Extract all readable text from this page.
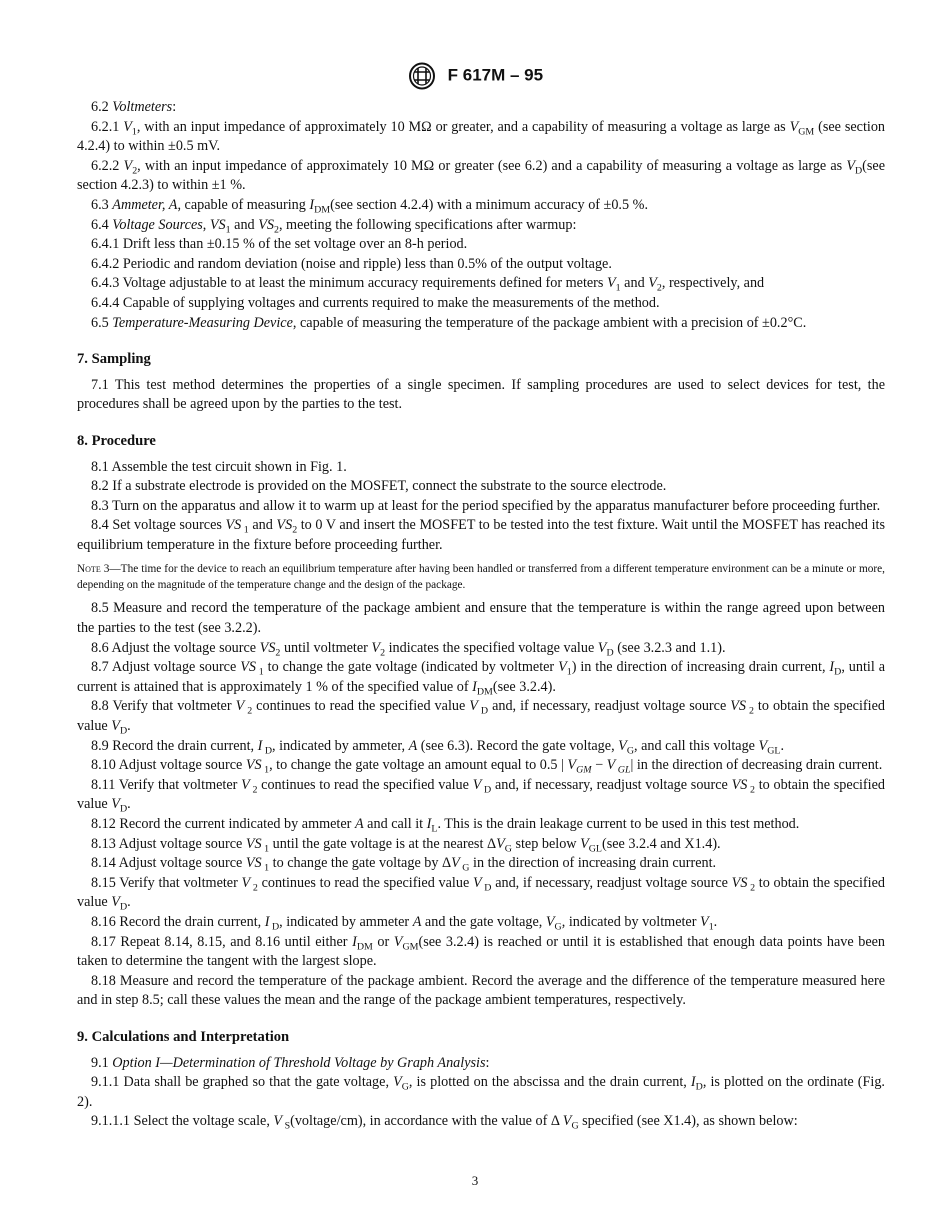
F 617M – 95

6.2 Voltmeters:

6.2.1 $V_1$, with an input impedance of approximately 10 MΩ or greater, and a capability of measuring a voltage as large as $V_{GM}$ (see section 4.2.4) to within ±0.5 mV.

6.2.2 $V_2$, with an input impedance of approximately 10 MΩ or greater (see 6.2) and a capability of measuring a voltage as large as $V_D(see$ section 4.2.3) to within ±1 %.

6.3 Ammeter, A, capable of measuring $I_{DM}(see$ section 4.2.4) with a minimum accuracy of ±0.5 %.

6.4 Voltage Sources, $VS_1$ and $VS_2$, meeting the following specifications after warmup:

6.4.1 Drift less than ±0.15 % of the set voltage over an 8-h period.

6.4.2 Periodic and random deviation (noise and ripple) less than 0.5% of the output voltage.

6.4.3 Voltage adjustable to at least the minimum accuracy requirements defined for meters $V_1$ and $V_2$, respectively, and

6.4.4 Capable of supplying voltages and currents required to make the measurements of the method.

6.5 Temperature-Measuring Device, capable of measuring the temperature of the package ambient with a precision of ±0.2°C.

7. Sampling

7.1 This test method determines the properties of a single specimen. If sampling procedures are used to select devices for test, the procedures shall be agreed upon by the parties to the test.

8. Procedure

8.1 Assemble the test circuit shown in Fig. 1.

8.2 If a substrate electrode is provided on the MOSFET, connect the substrate to the source electrode.

8.3 Turn on the apparatus and allow it to warm up at least for the period specified by the apparatus manufacturer before proceeding further.

8.4 Set voltage sources VS $_1$ and $VS_2$ to 0 V and insert the MOSFET to be tested into the test fixture. Wait until the MOSFET has reached its equilibrium temperature in the fixture before proceeding further.

Note 3—The time for the device to reach an equilibrium temperature after having been handled or transferred from a different temperature environment can be a minute or more, depending on the magnitude of the temperature change and the design of the package.

8.5 Measure and record the temperature of the package ambient and ensure that the temperature is within the range agreed upon between the parties to the test (see 3.2.2).

8.6 Adjust the voltage source $VS_2$ until voltmeter $V_2$ indicates the specified voltage value $V_D$ (see 3.2.3 and 1.1).

8.7 Adjust voltage source VS $_1$ to change the gate voltage (indicated by voltmeter $V_1$) in the direction of increasing drain current, $I_D$, until a current is attained that is approximately 1 % of the specified value of $I_{DM}(see$ 3.2.4).

8.8 Verify that voltmeter V $_2$ continues to read the specified value V $_D$ and, if necessary, readjust voltage source VS $_2$ to obtain the specified value $V_D$.

8.9 Record the drain current, I $_D$, indicated by ammeter, A (see 6.3). Record the gate voltage, $V_G$, and call this voltage $V_{GL}$.

8.10 Adjust voltage source VS $_1$, to change the gate voltage an amount equal to 0.5 | $V_{GM} - V$ $_{GL}$| in the direction of decreasing drain current.

8.11 Verify that voltmeter V $_2$ continues to read the specified value V $_D$ and, if necessary, readjust voltage source VS $_2$ to obtain the specified value $V_D$.

8.12 Record the current indicated by ammeter A and call it $I_L$. This is the drain leakage current to be used in this test method.

8.13 Adjust voltage source VS $_1$ until the gate voltage is at the nearest $\Delta V_G$ step below $V_{GL}(see$ 3.2.4 and X1.4).

8.14 Adjust voltage source VS $_1$ to change the gate voltage by ΔV $_G$ in the direction of increasing drain current.

8.15 Verify that voltmeter V $_2$ continues to read the specified value V $_D$ and, if necessary, readjust voltage source VS $_2$ to obtain the specified value $V_D$.

8.16 Record the drain current, I $_D$, indicated by ammeter A and the gate voltage, $V_G$, indicated by voltmeter $V_1$.

8.17 Repeat 8.14, 8.15, and 8.16 until either $I_{DM}$ or $V_{GM}(see$ 3.2.4) is reached or until it is established that enough data points have been taken to determine the tangent with the largest slope.

8.18 Measure and record the temperature of the package ambient. Record the average and the difference of the temperature measured here and in step 8.5; call these values the mean and the range of the package ambient temperatures, respectively.

9. Calculations and Interpretation

9.1 Option I—Determination of Threshold Voltage by Graph Analysis:

9.1.1 Data shall be graphed so that the gate voltage, $V_G$, is plotted on the abscissa and the drain current, $I_D$, is plotted on the ordinate (Fig. 2).

9.1.1.1 Select the voltage scale, V $_S$(voltage/cm), in accordance with the value of Δ $V_G$ specified (see X1.4), as shown below:

3
